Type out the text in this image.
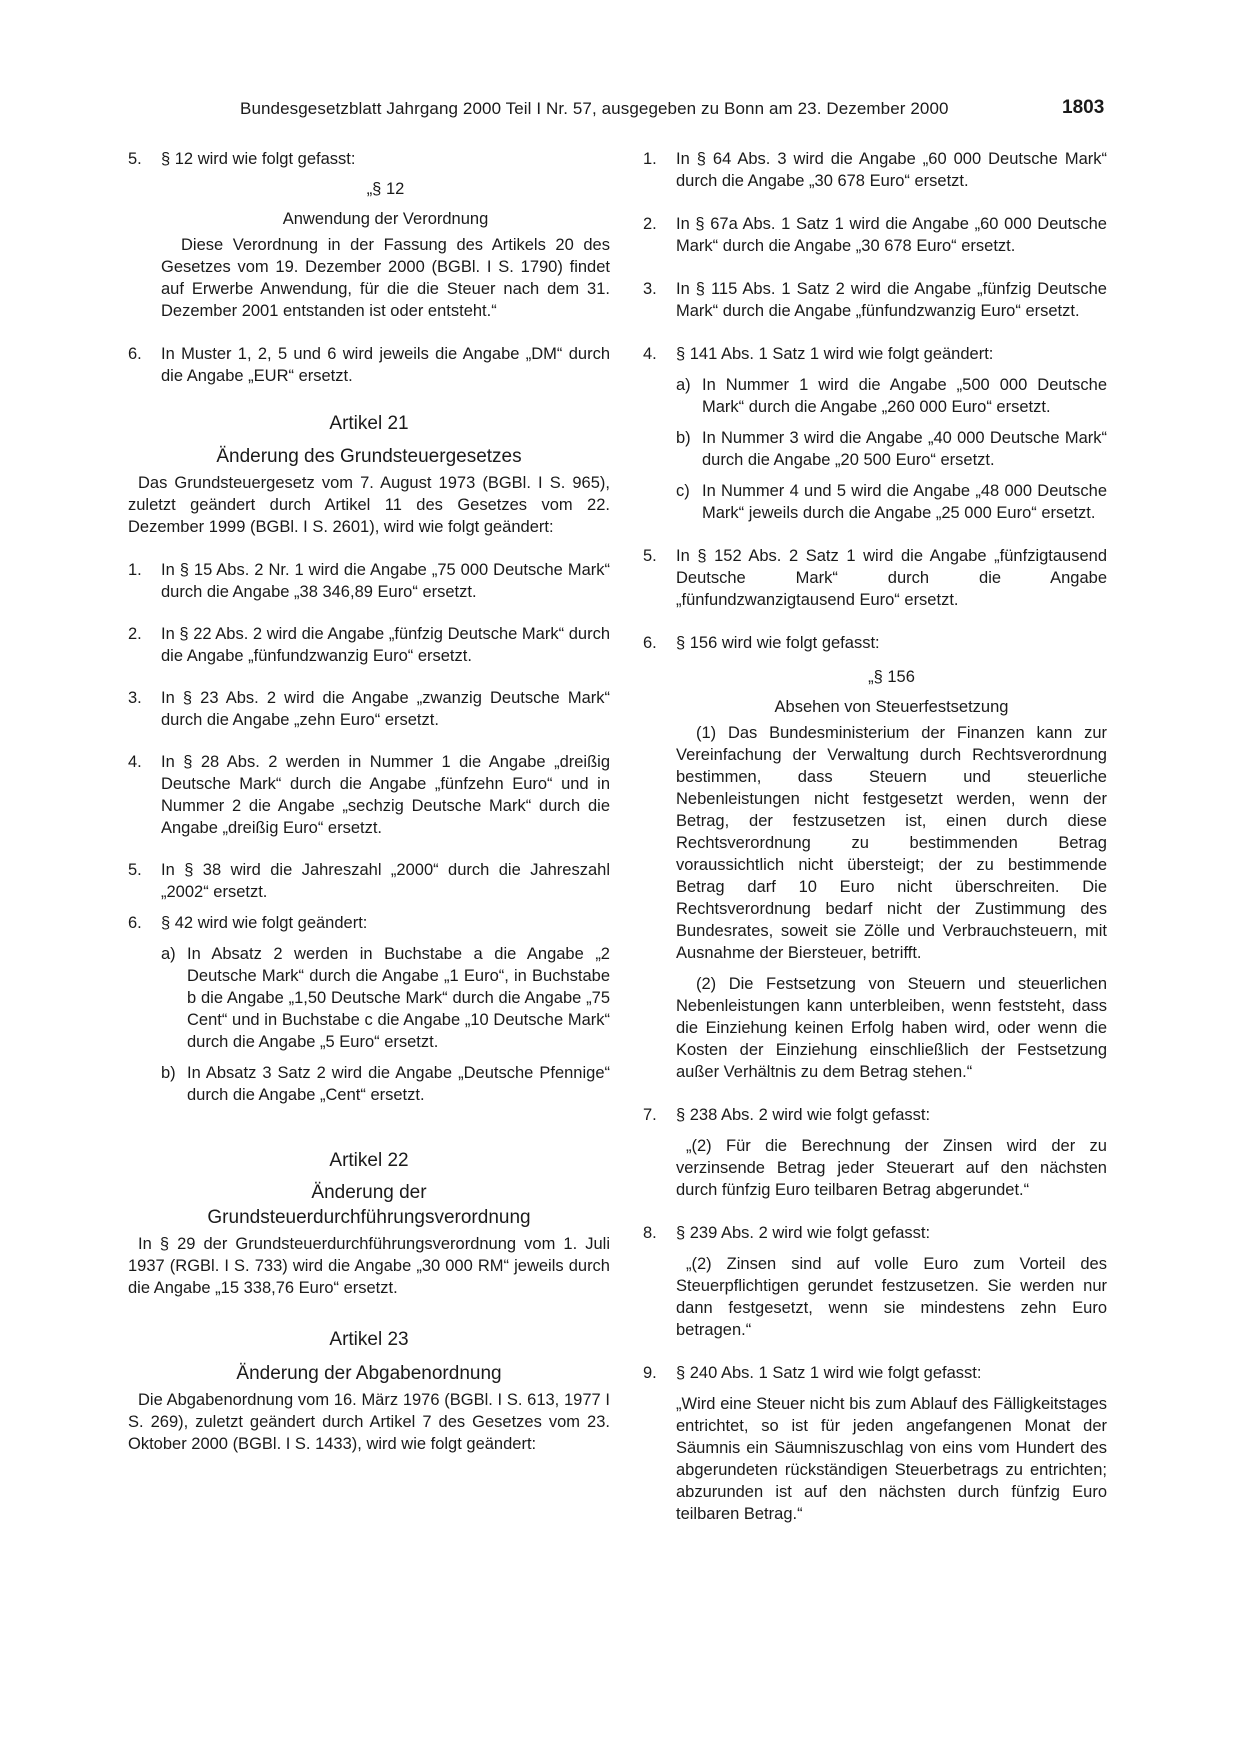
Bundesgesetzblatt Jahrgang 2000 Teil I Nr. 57, ausgegeben zu Bonn am 23. Dezember 2000	1803
5.	§ 12 wird wie folgt gefasst:
„§ 12
Anwendung der Verordnung
Diese Verordnung in der Fassung des Artikels 20 des Gesetzes vom 19. Dezember 2000 (BGBl. I S. 1790) findet auf Erwerbe Anwendung, für die die Steuer nach dem 31. Dezember 2001 entstanden ist oder entsteht.“
6.	In Muster 1, 2, 5 und 6 wird jeweils die Angabe „DM“ durch die Angabe „EUR“ ersetzt.
Artikel 21
Änderung des Grundsteuergesetzes
Das Grundsteuergesetz vom 7. August 1973 (BGBl. I S. 965), zuletzt geändert durch Artikel 11 des Gesetzes vom 22. Dezember 1999 (BGBl. I S. 2601), wird wie folgt geändert:
1.	In § 15 Abs. 2 Nr. 1 wird die Angabe „75 000 Deutsche Mark“ durch die Angabe „38 346,89 Euro“ ersetzt.
2.	In § 22 Abs. 2 wird die Angabe „fünfzig Deutsche Mark“ durch die Angabe „fünfundzwanzig Euro“ ersetzt.
3.	In § 23 Abs. 2 wird die Angabe „zwanzig Deutsche Mark“ durch die Angabe „zehn Euro“ ersetzt.
4.	In § 28 Abs. 2 werden in Nummer 1 die Angabe „dreißig Deutsche Mark“ durch die Angabe „fünfzehn Euro“ und in Nummer 2 die Angabe „sechzig Deutsche Mark“ durch die Angabe „dreißig Euro“ ersetzt.
5.	In § 38 wird die Jahreszahl „2000“ durch die Jahreszahl „2002“ ersetzt.
6.	§ 42 wird wie folgt geändert:
a) In Absatz 2 werden in Buchstabe a die Angabe „2 Deutsche Mark“ durch die Angabe „1 Euro“, in Buchstabe b die Angabe „1,50 Deutsche Mark“ durch die Angabe „75 Cent“ und in Buchstabe c die Angabe „10 Deutsche Mark“ durch die Angabe „5 Euro“ ersetzt.
b) In Absatz 3 Satz 2 wird die Angabe „Deutsche Pfennige“ durch die Angabe „Cent“ ersetzt.
Artikel 22
Änderung der
Grundsteuerdurchführungsverordnung
In § 29 der Grundsteuerdurchführungsverordnung vom 1. Juli 1937 (RGBl. I S. 733) wird die Angabe „30 000 RM“ jeweils durch die Angabe „15 338,76 Euro“ ersetzt.
Artikel 23
Änderung der Abgabenordnung
Die Abgabenordnung vom 16. März 1976 (BGBl. I S. 613, 1977 I S. 269), zuletzt geändert durch Artikel 7 des Gesetzes vom 23. Oktober 2000 (BGBl. I S. 1433), wird wie folgt geändert:
1.	In § 64 Abs. 3 wird die Angabe „60 000 Deutsche Mark“ durch die Angabe „30 678 Euro“ ersetzt.
2.	In § 67a Abs. 1 Satz 1 wird die Angabe „60 000 Deutsche Mark“ durch die Angabe „30 678 Euro“ ersetzt.
3.	In § 115 Abs. 1 Satz 2 wird die Angabe „fünfzig Deutsche Mark“ durch die Angabe „fünfundzwanzig Euro“ ersetzt.
4.	§ 141 Abs. 1 Satz 1 wird wie folgt geändert:
a) In Nummer 1 wird die Angabe „500 000 Deutsche Mark“ durch die Angabe „260 000 Euro“ ersetzt.
b) In Nummer 3 wird die Angabe „40 000 Deutsche Mark“ durch die Angabe „20 500 Euro“ ersetzt.
c) In Nummer 4 und 5 wird die Angabe „48 000 Deutsche Mark“ jeweils durch die Angabe „25 000 Euro“ ersetzt.
5.	In § 152 Abs. 2 Satz 1 wird die Angabe „fünfzigtausend Deutsche Mark“ durch die Angabe „fünfundzwanzigtausend Euro“ ersetzt.
6.	§ 156 wird wie folgt gefasst:
„§ 156
Absehen von Steuerfestsetzung
(1) Das Bundesministerium der Finanzen kann zur Vereinfachung der Verwaltung durch Rechtsverordnung bestimmen, dass Steuern und steuerliche Nebenleistungen nicht festgesetzt werden, wenn der Betrag, der festzusetzen ist, einen durch diese Rechtsverordnung zu bestimmenden Betrag voraussichtlich nicht übersteigt; der zu bestimmende Betrag darf 10 Euro nicht überschreiten. Die Rechtsverordnung bedarf nicht der Zustimmung des Bundesrates, soweit sie Zölle und Verbrauchsteuern, mit Ausnahme der Biersteuer, betrifft.
(2) Die Festsetzung von Steuern und steuerlichen Nebenleistungen kann unterbleiben, wenn feststeht, dass die Einziehung keinen Erfolg haben wird, oder wenn die Kosten der Einziehung einschließlich der Festsetzung außer Verhältnis zu dem Betrag stehen.“
7.	§ 238 Abs. 2 wird wie folgt gefasst:
„(2) Für die Berechnung der Zinsen wird der zu verzinsende Betrag jeder Steuerart auf den nächsten durch fünfzig Euro teilbaren Betrag abgerundet.“
8.	§ 239 Abs. 2 wird wie folgt gefasst:
„(2) Zinsen sind auf volle Euro zum Vorteil des Steuerpflichtigen gerundet festzusetzen. Sie werden nur dann festgesetzt, wenn sie mindestens zehn Euro betragen.“
9.	§ 240 Abs. 1 Satz 1 wird wie folgt gefasst:
„Wird eine Steuer nicht bis zum Ablauf des Fälligkeitstages entrichtet, so ist für jeden angefangenen Monat der Säumnis ein Säumniszuschlag von eins vom Hundert des abgerundeten rückständigen Steuerbetrags zu entrichten; abzurunden ist auf den nächsten durch fünfzig Euro teilbaren Betrag.“
